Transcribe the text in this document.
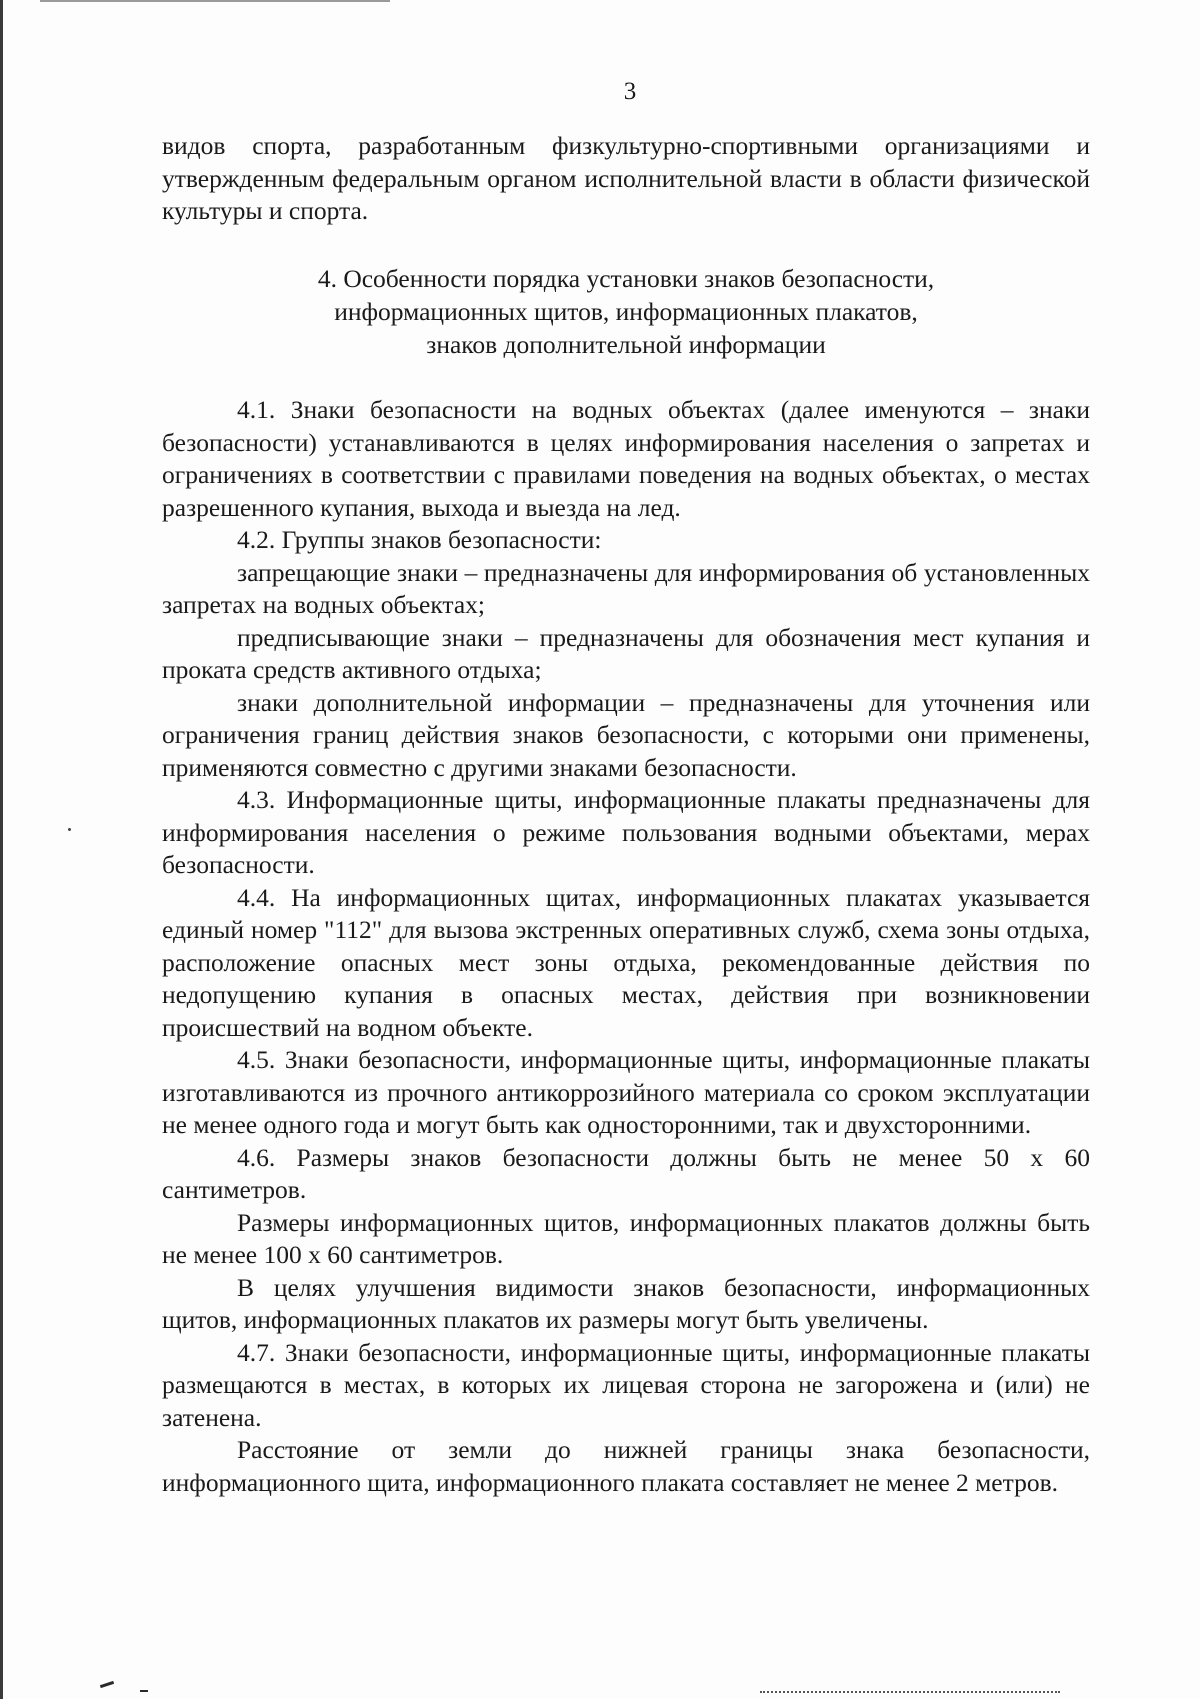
3

видов спорта, разработанным физкультурно-спортивными организациями и утвержденным федеральным органом исполнительной власти в области физической культуры и спорта.

4. Особенности порядка установки знаков безопасности,
информационных щитов, информационных плакатов,
знаков дополнительной информации

4.1. Знаки безопасности на водных объектах (далее именуются – знаки безопасности) устанавливаются в целях информирования населения о запретах и ограничениях в соответствии с правилами поведения на водных объектах, о местах разрешенного купания, выхода и выезда на лед.

4.2. Группы знаков безопасности:

запрещающие знаки – предназначены для информирования об установленных запретах на водных объектах;

предписывающие знаки – предназначены для обозначения мест купания и проката средств активного отдыха;

знаки дополнительной информации – предназначены для уточнения или ограничения границ действия знаков безопасности, с которыми они применены, применяются совместно с другими знаками безопасности.

4.3. Информационные щиты, информационные плакаты предназначены для информирования населения о режиме пользования водными объектами, мерах безопасности.

4.4. На информационных щитах, информационных плакатах указывается единый номер "112" для вызова экстренных оперативных служб, схема зоны отдыха, расположение опасных мест зоны отдыха, рекомендованные действия по недопущению купания в опасных местах, действия при возникновении происшествий на водном объекте.

4.5. Знаки безопасности, информационные щиты, информационные плакаты изготавливаются из прочного антикоррозийного материала со сроком эксплуатации не менее одного года и могут быть как односторонними, так и двухсторонними.

4.6. Размеры знаков безопасности должны быть не менее 50 х 60 сантиметров.

Размеры информационных щитов, информационных плакатов должны быть не менее 100 х 60 сантиметров.

В целях улучшения видимости знаков безопасности, информационных щитов, информационных плакатов их размеры могут быть увеличены.

4.7. Знаки безопасности, информационные щиты, информационные плакаты размещаются в местах, в которых их лицевая сторона не загорожена и (или) не затенена.

Расстояние от земли до нижней границы знака безопасности, информационного щита, информационного плаката составляет не менее 2 метров.
